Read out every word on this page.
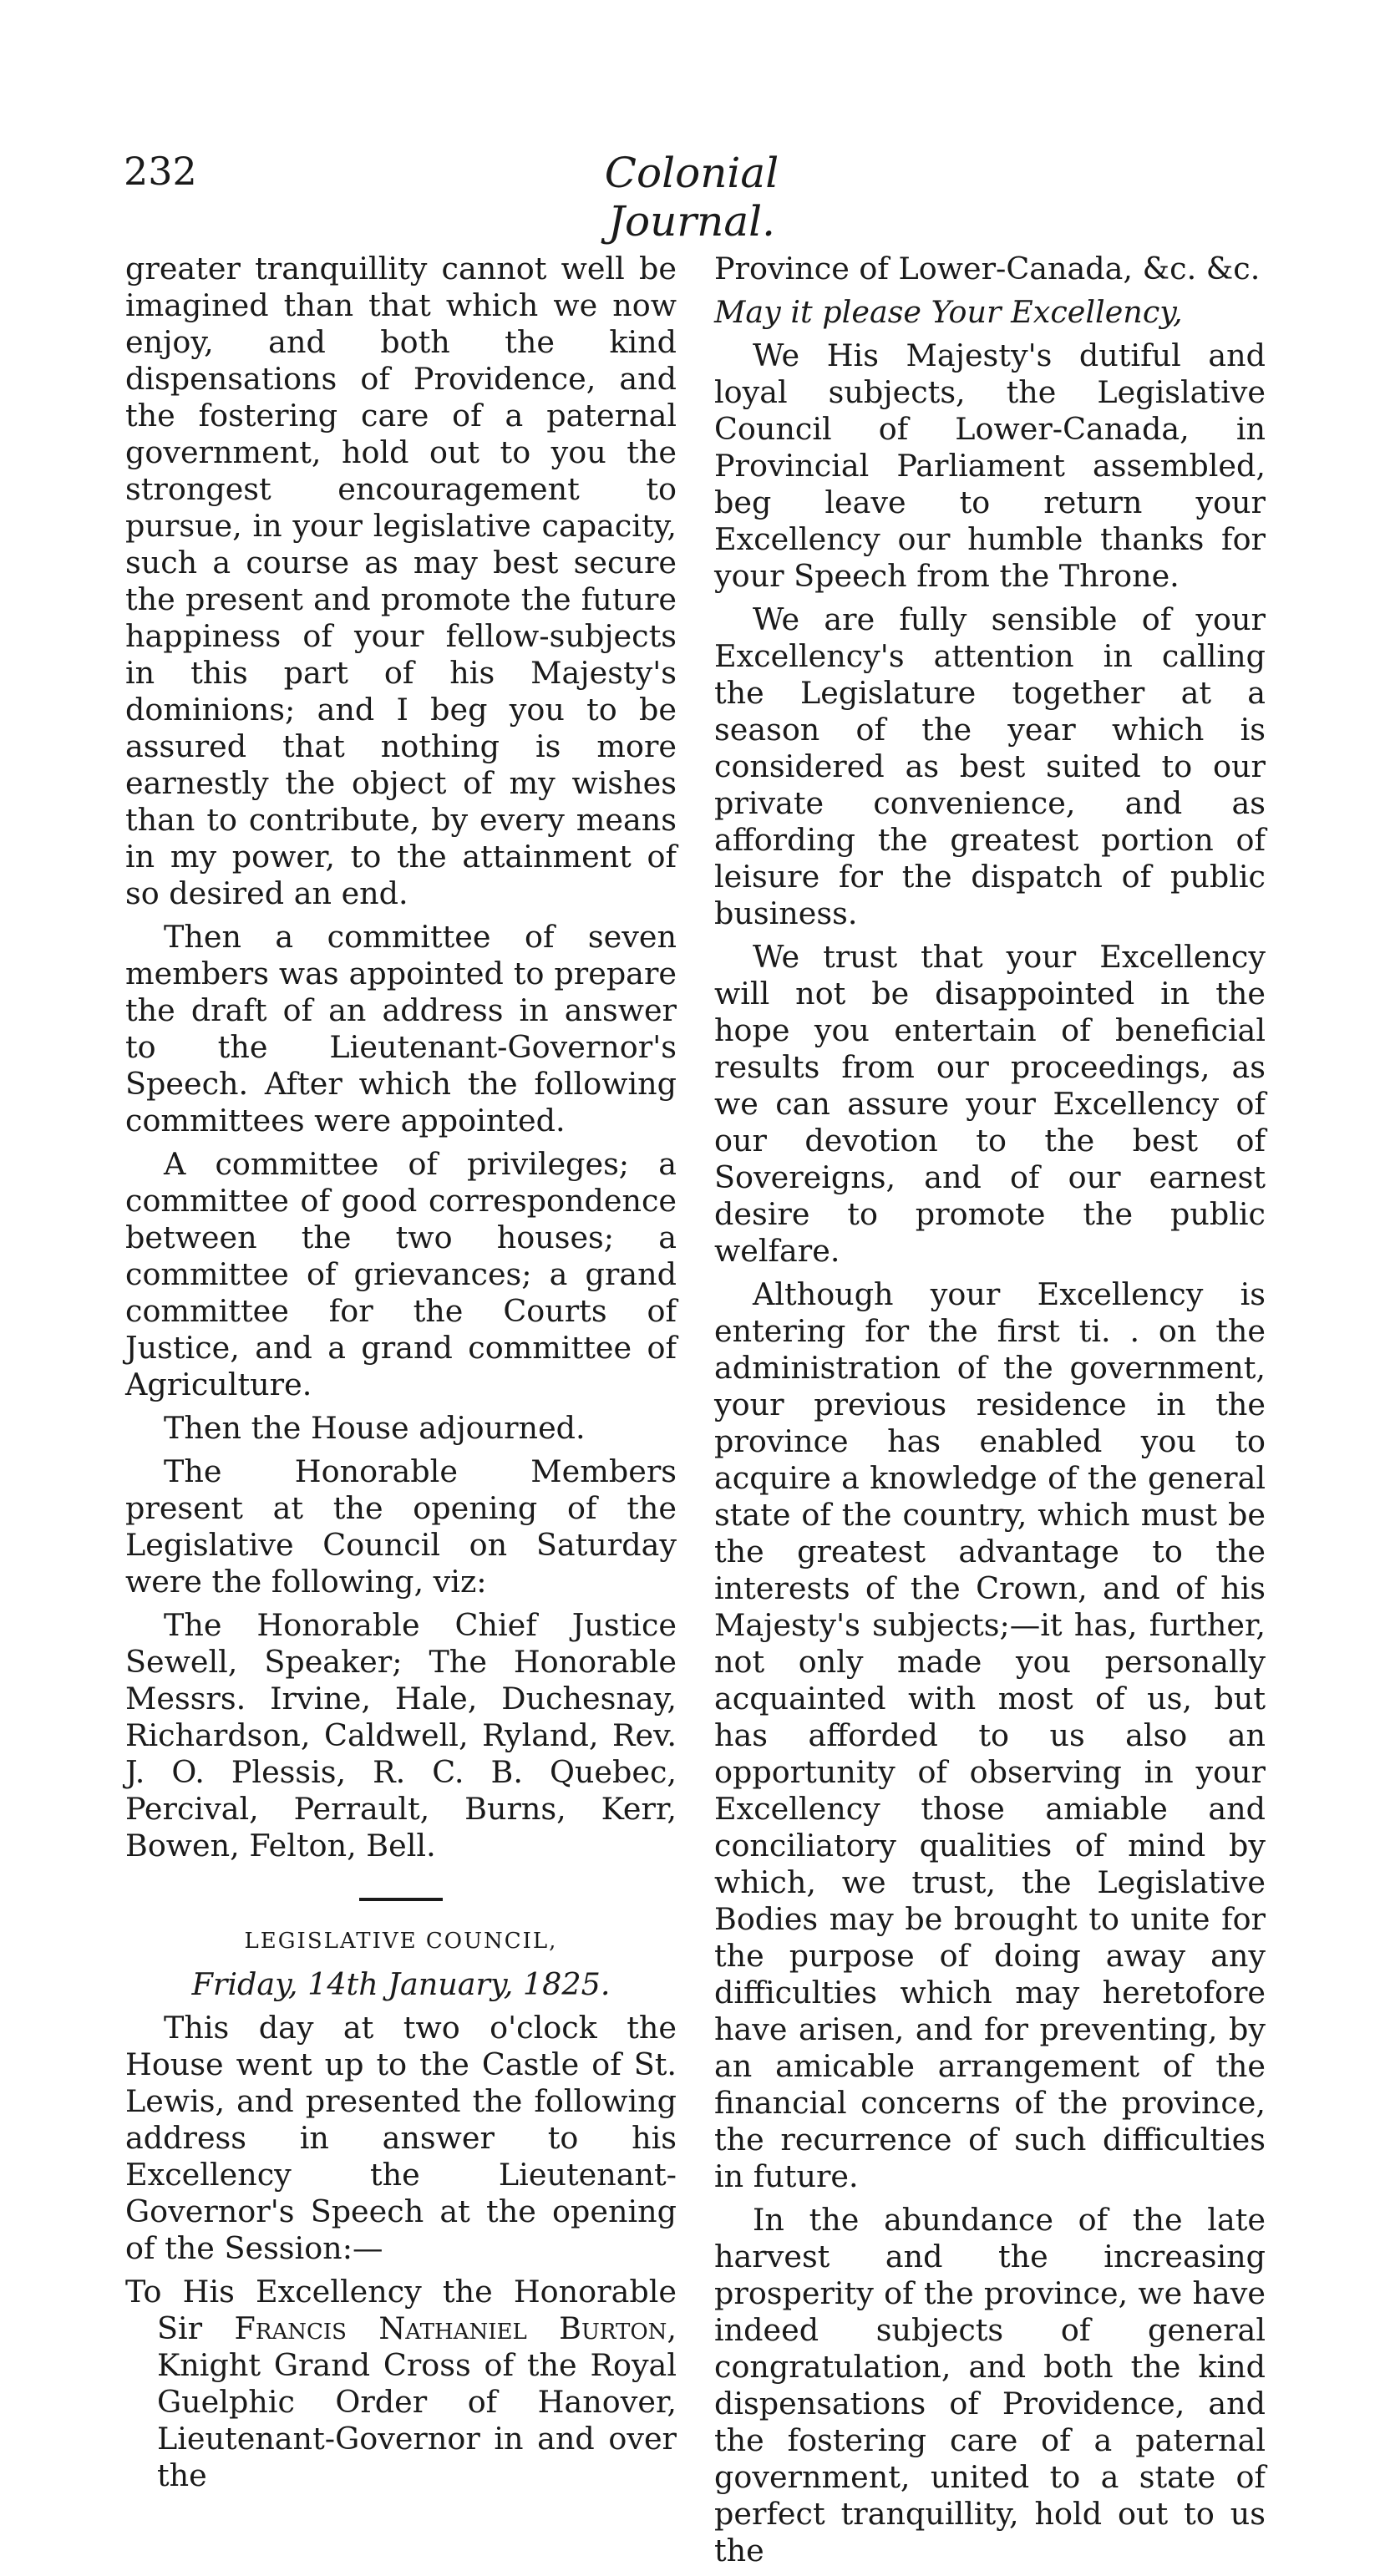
232	Colonial Journal.

greater tranquillity cannot well be imagined than that which we now enjoy, and both the kind dispensations of Providence, and the fostering care of a paternal government, hold out to you the strongest encouragement to pursue, in your legislative capacity, such a course as may best secure the present and promote the future happiness of your fellow-subjects in this part of his Majesty's dominions; and I beg you to be assured that nothing is more earnestly the object of my wishes than to contribute, by every means in my power, to the attainment of so desired an end.

Then a committee of seven members was appointed to prepare the draft of an address in answer to the Lieutenant-Governor's Speech. After which the following committees were appointed.

A committee of privileges; a committee of good correspondence between the two houses; a committee of grievances; a grand committee for the Courts of Justice, and a grand committee of Agriculture.

Then the House adjourned.

The Honorable Members present at the opening of the Legislative Council on Saturday were the following, viz:

The Honorable Chief Justice Sewell, Speaker; The Honorable Messrs. Irvine, Hale, Duchesnay, Richardson, Caldwell, Ryland, Rev. J. O. Plessis, R. C. B. Quebec, Percival, Perrault, Burns, Kerr, Bowen, Felton, Bell.

LEGISLATIVE COUNCIL,

Friday, 14th January, 1825.

This day at two o'clock the House went up to the Castle of St. Lewis, and presented the following address in answer to his Excellency the Lieutenant-Governor's Speech at the opening of the Session:—

To His Excellency the Honorable Sir Francis Nathaniel Burton, Knight Grand Cross of the Royal Guelphic Order of Hanover, Lieutenant-Governor in and over the

Province of Lower-Canada, &c. &c.

May it please Your Excellency,

We His Majesty's dutiful and loyal subjects, the Legislative Council of Lower-Canada, in Provincial Parliament assembled, beg leave to return your Excellency our humble thanks for your Speech from the Throne.

We are fully sensible of your Excellency's attention in calling the Legislature together at a season of the year which is considered as best suited to our private convenience, and as affording the greatest portion of leisure for the dispatch of public business.

We trust that your Excellency will not be disappointed in the hope you entertain of beneficial results from our proceedings, as we can assure your Excellency of our devotion to the best of Sovereigns, and of our earnest desire to promote the public welfare.

Although your Excellency is entering for the first ti. . on the administration of the government, your previous residence in the province has enabled you to acquire a knowledge of the general state of the country, which must be the greatest advantage to the interests of the Crown, and of his Majesty's subjects;—it has, further, not only made you personally acquainted with most of us, but has afforded to us also an opportunity of observing in your Excellency those amiable and conciliatory qualities of mind by which, we trust, the Legislative Bodies may be brought to unite for the purpose of doing away any difficulties which may heretofore have arisen, and for preventing, by an amicable arrangement of the financial concerns of the province, the recurrence of such difficulties in future.

In the abundance of the late harvest and the increasing prosperity of the province, we have indeed subjects of general congratulation, and both the kind dispensations of Providence, and the fostering care of a paternal government, united to a state of perfect tranquillity, hold out to us the
